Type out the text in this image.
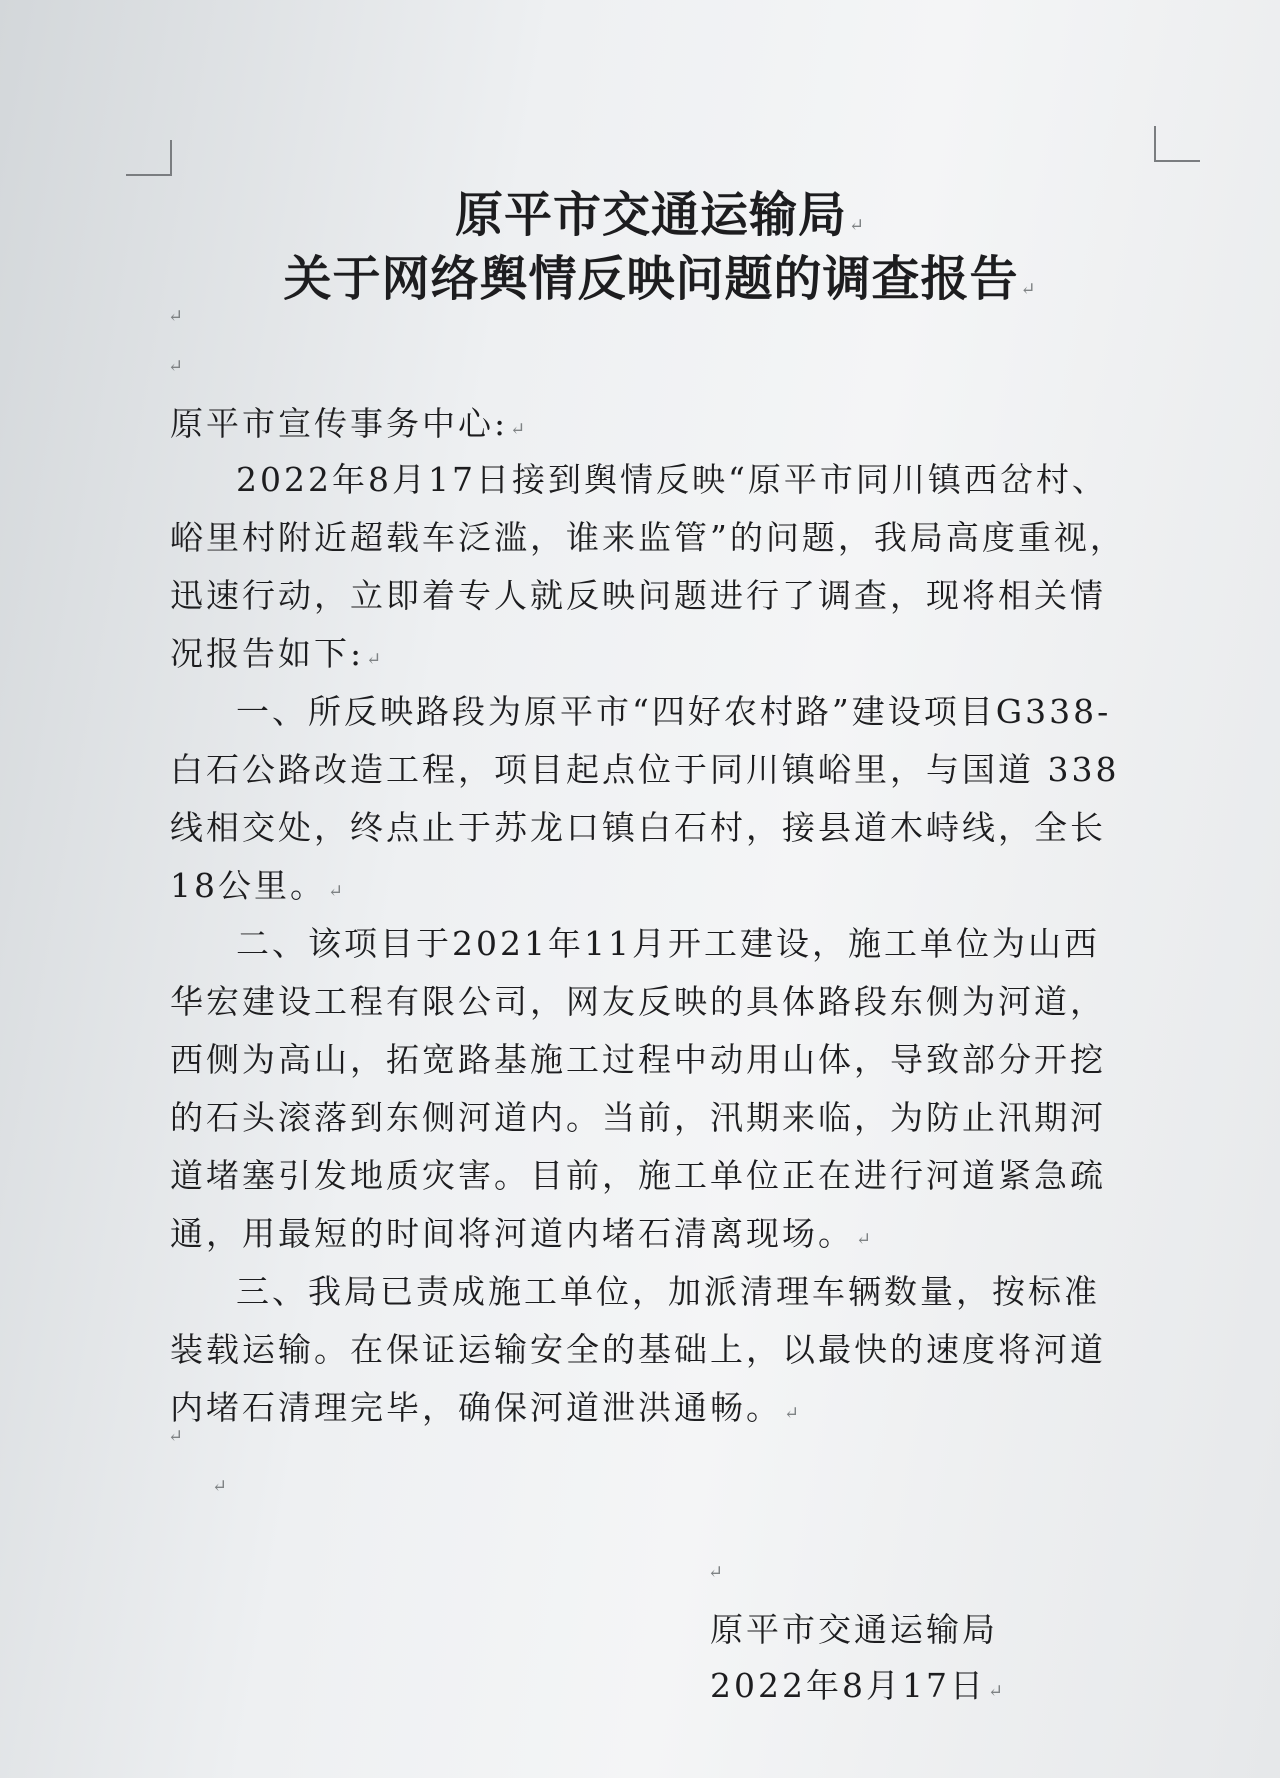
原平市交通运输局 ↵
关于网络舆情反映问题的调查报告 ↵
↵
↵
原平市宣传事务中心: ↵
2022年8月17日接到舆情反映“原平市同川镇西岔村、
峪里村附近超载车泛滥，谁来监管”的问题，我局高度重视，
迅速行动，立即着专人就反映问题进行了调查，现将相关情
况报告如下: ↵
一、所反映路段为原平市“四好农村路”建设项目G338-
白石公路改造工程，项目起点位于同川镇峪里，与国道 338
线相交处，终点止于苏龙口镇白石村，接县道木峙线，全长
18公里。 ↵
二、该项目于2021年11月开工建设，施工单位为山西
华宏建设工程有限公司，网友反映的具体路段东侧为河道，
西侧为高山，拓宽路基施工过程中动用山体，导致部分开挖
的石头滚落到东侧河道内。当前，汛期来临，为防止汛期河
道堵塞引发地质灾害。目前，施工单位正在进行河道紧急疏
通，用最短的时间将河道内堵石清离现场。 ↵
三、我局已责成施工单位，加派清理车辆数量，按标准
装载运输。在保证运输安全的基础上，以最快的速度将河道
内堵石清理完毕，确保河道泄洪通畅。 ↵
↵
↵
↵
原平市交通运输局
2022年8月17日 ↵
